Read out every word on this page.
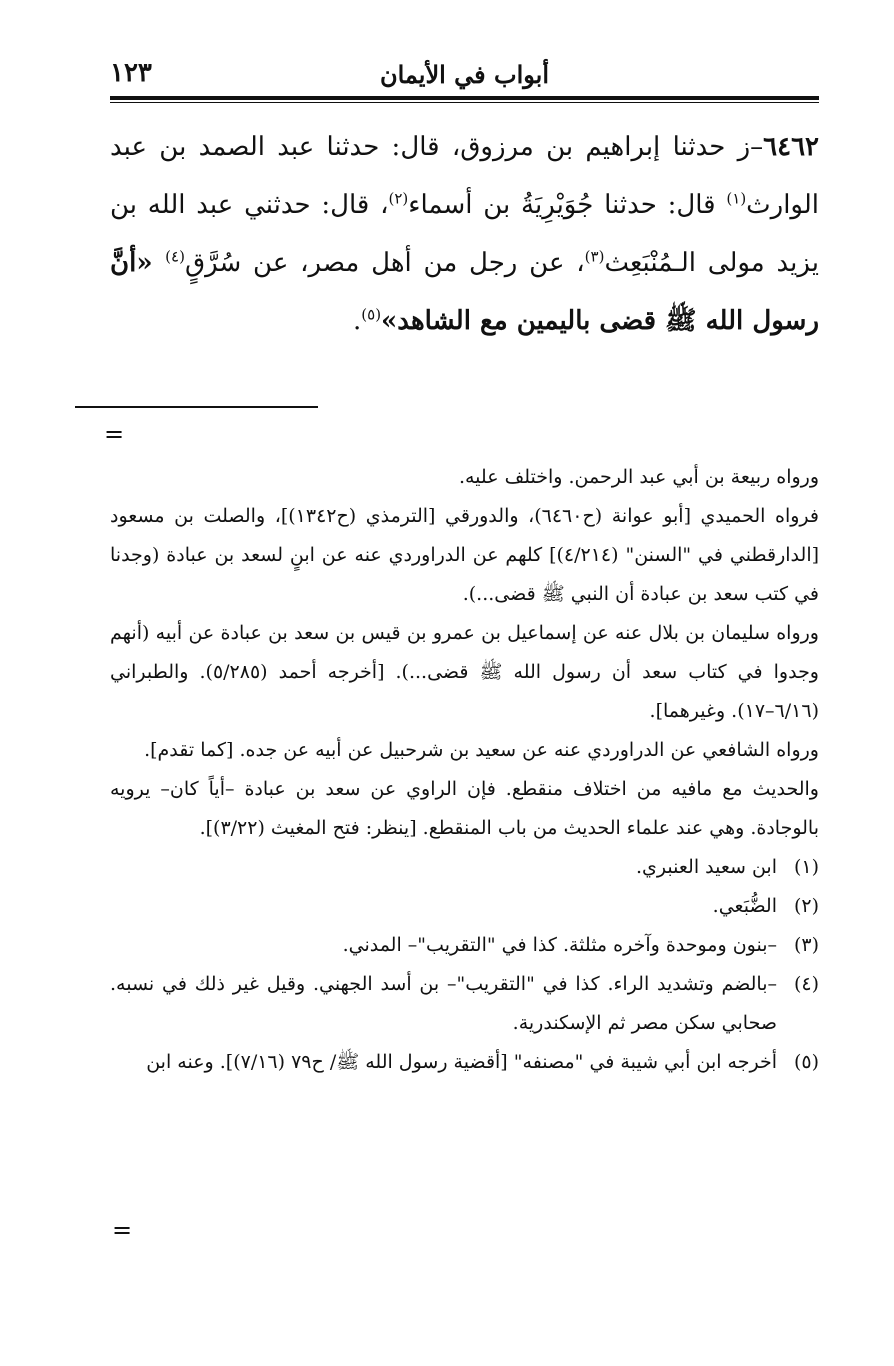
أبواب في الأيمان
١٢٣
٦٤٦٢–ز حدثنا إبراهيم بن مرزوق، قال: حدثنا عبد الصمد بن عبد الوارث$^{(١)}$ قال: حدثنا جُوَيْرِيَةُ بن أسماء$^{(٢)}$، قال: حدثني عبد الله بن يزيد مولى الـمُنْبَعِث$^{(٣)}$، عن رجل من أهل مصر، عن سُرَّقٍ$^{(٤)}$ «أنَّ رسول الله ﷺ قضى باليمين مع الشاهد»$^{(٥)}$.
=

ورواه ربيعة بن أبي عبد الرحمن. واختلف عليه.

فرواه الحميدي [أبو عوانة (ح٦٤٦٠)، والدورقي [الترمذي (ح١٣٤٢)]، والصلت بن مسعود [الدارقطني في "السنن" (٤/٢١٤)] كلهم عن الدراوردي عنه عن ابنٍ لسعد بن عبادة (وجدنا في كتب سعد بن عبادة أن النبي ﷺ قضى...).

ورواه سليمان بن بلال عنه عن إسماعيل بن عمرو بن قيس بن سعد بن عبادة عن أبيه (أنهم وجدوا في كتاب سعد أن رسول الله ﷺ قضى...). [أخرجه أحمد (٥/٢٨٥). والطبراني (٦/١٦–١٧). وغيرهما].

ورواه الشافعي عن الدراوردي عنه عن سعيد بن شرحبيل عن أبيه عن جده. [كما تقدم].

والحديث مع مافيه من اختلاف منقطع. فإن الراوي عن سعد بن عبادة –أياً كان– يرويه بالوجادة. وهي عند علماء الحديث من باب المنقطع. [ينظر: فتح المغيث (٣/٢٢)].

(١)
ابن سعيد العنبري.
(٢)
الضُّبَعي.
(٣)
–بنون وموحدة وآخره مثلثة. كذا في "التقريب"– المدني.
(٤)
–بالضم وتشديد الراء. كذا في "التقريب"– بن أسد الجهني. وقيل غير ذلك في نسبه. صحابي سكن مصر ثم الإسكندرية.
(٥)
أخرجه ابن أبي شيبة في "مصنفه" [أقضية رسول الله ﷺ/ ح٧٩ (٧/١٦)]. وعنه ابن
=
